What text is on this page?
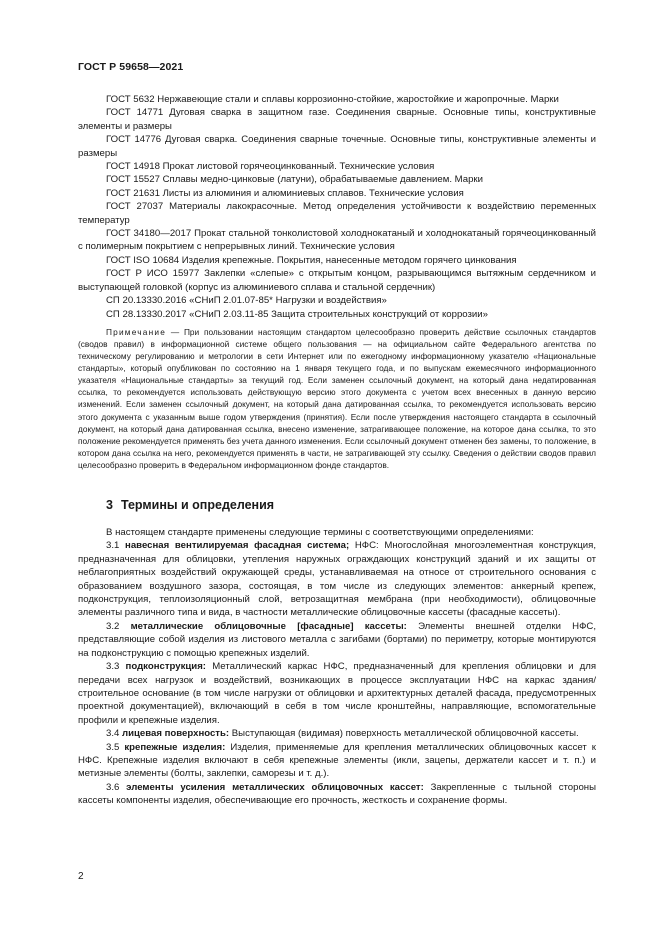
ГОСТ Р 59658—2021

ГОСТ 5632 Нержавеющие стали и сплавы коррозионно-стойкие, жаростойкие и жаропрочные. Марки

ГОСТ 14771 Дуговая сварка в защитном газе. Соединения сварные. Основные типы, конструктивные элементы и размеры

ГОСТ 14776 Дуговая сварка. Соединения сварные точечные. Основные типы, конструктивные элементы и размеры

ГОСТ 14918 Прокат листовой горячеоцинкованный. Технические условия

ГОСТ 15527 Сплавы медно-цинковые (латуни), обрабатываемые давлением. Марки

ГОСТ 21631 Листы из алюминия и алюминиевых сплавов. Технические условия

ГОСТ 27037 Материалы лакокрасочные. Метод определения устойчивости к воздействию переменных температур

ГОСТ 34180—2017 Прокат стальной тонколистовой холоднокатаный и холоднокатаный горячеоцинкованный с полимерным покрытием с непрерывных линий. Технические условия

ГОСТ ISO 10684 Изделия крепежные. Покрытия, нанесенные методом горячего цинкования

ГОСТ Р ИСО 15977 Заклепки «слепые» с открытым концом, разрывающимся вытяжным сердечником и выступающей головкой (корпус из алюминиевого сплава и стальной сердечник)

СП 20.13330.2016 «СНиП 2.01.07-85* Нагрузки и воздействия»

СП 28.13330.2017 «СНиП 2.03.11-85 Защита строительных конструкций от коррозии»

Примечание — При пользовании настоящим стандартом целесообразно проверить действие ссылочных стандартов (сводов правил) в информационной системе общего пользования — на официальном сайте Федерального агентства по техническому регулированию и метрологии в сети Интернет или по ежегодному информационному указателю «Национальные стандарты», который опубликован по состоянию на 1 января текущего года, и по выпускам ежемесячного информационного указателя «Национальные стандарты» за текущий год. Если заменен ссылочный документ, на который дана недатированная ссылка, то рекомендуется использовать действующую версию этого документа с учетом всех внесенных в данную версию изменений. Если заменен ссылочный документ, на который дана датированная ссылка, то рекомендуется использовать версию этого документа с указанным выше годом утверждения (принятия). Если после утверждения настоящего стандарта в ссылочный документ, на который дана датированная ссылка, внесено изменение, затрагивающее положение, на которое дана ссылка, то это положение рекомендуется применять без учета данного изменения. Если ссылочный документ отменен без замены, то положение, в котором дана ссылка на него, рекомендуется применять в части, не затрагивающей эту ссылку. Сведения о действии сводов правил целесообразно проверить в Федеральном информационном фонде стандартов.

3 Термины и определения

В настоящем стандарте применены следующие термины с соответствующими определениями:

3.1 навесная вентилируемая фасадная система; НФС: Многослойная многоэлементная конструкция, предназначенная для облицовки, утепления наружных ограждающих конструкций зданий и их защиты от неблагоприятных воздействий окружающей среды, устанавливаемая на относе от строительного основания с образованием воздушного зазора, состоящая, в том числе из следующих элементов: анкерный крепеж, подконструкция, теплоизоляционный слой, ветрозащитная мембрана (при необходимости), облицовочные элементы различного типа и вида, в частности металлические облицовочные кассеты (фасадные кассеты).

3.2 металлические облицовочные [фасадные] кассеты: Элементы внешней отделки НФС, представляющие собой изделия из листового металла с загибами (бортами) по периметру, которые монтируются на подконструкцию с помощью крепежных изделий.

3.3 подконструкция: Металлический каркас НФС, предназначенный для крепления облицовки и для передачи всех нагрузок и воздействий, возникающих в процессе эксплуатации НФС на каркас здания/строительное основание (в том числе нагрузки от облицовки и архитектурных деталей фасада, предусмотренных проектной документацией), включающий в себя в том числе кронштейны, направляющие, вспомогательные профили и крепежные изделия.

3.4 лицевая поверхность: Выступающая (видимая) поверхность металлической облицовочной кассеты.

3.5 крепежные изделия: Изделия, применяемые для крепления металлических облицовочных кассет к НФС. Крепежные изделия включают в себя крепежные элементы (икли, зацепы, держатели кассет и т. п.) и метизные элементы (болты, заклепки, саморезы и т. д.).

3.6 элементы усиления металлических облицовочных кассет: Закрепленные с тыльной стороны кассеты компоненты изделия, обеспечивающие его прочность, жесткость и сохранение формы.

2
